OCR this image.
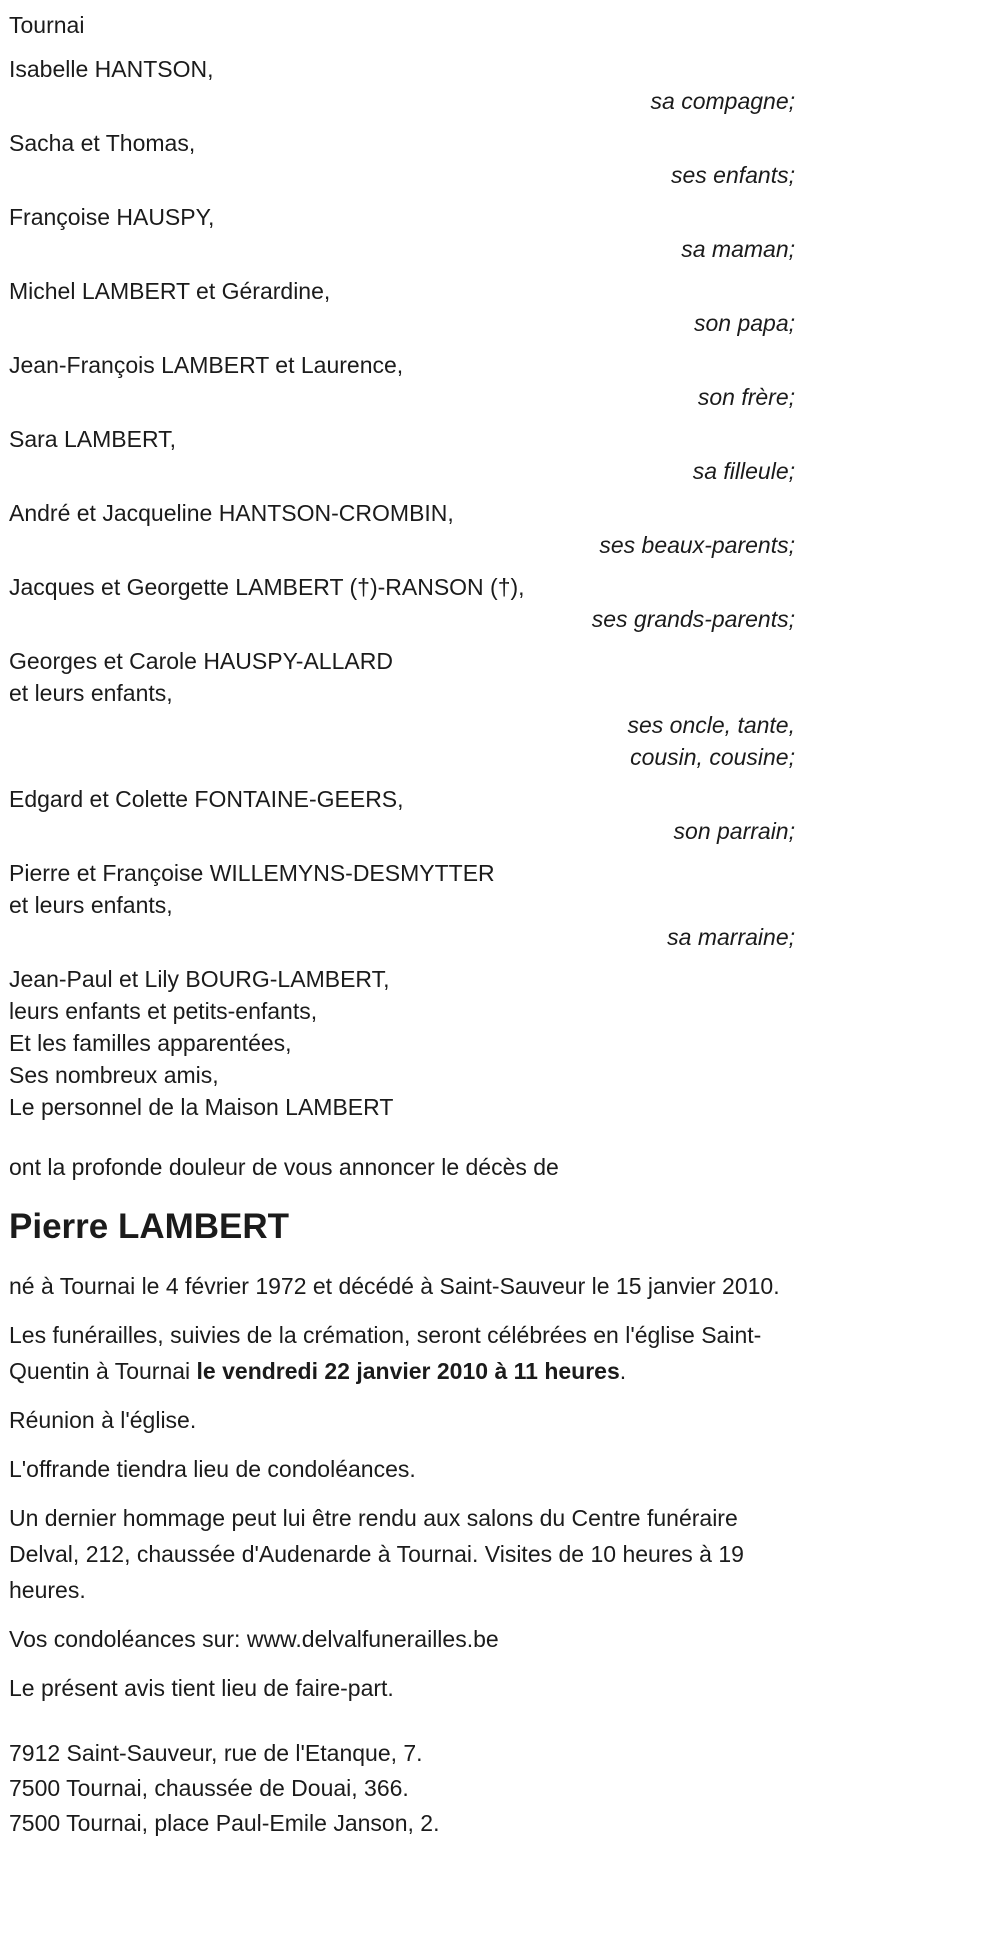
Tournai
Isabelle HANTSON,
sa compagne;
Sacha et Thomas,
ses enfants;
Françoise HAUSPY,
sa maman;
Michel LAMBERT et Gérardine,
son papa;
Jean-François LAMBERT et Laurence,
son frère;
Sara LAMBERT,
sa filleule;
André et Jacqueline HANTSON-CROMBIN,
ses beaux-parents;
Jacques et Georgette LAMBERT (†)-RANSON (†),
ses grands-parents;
Georges et Carole HAUSPY-ALLARD
et leurs enfants,
ses oncle, tante,
cousin, cousine;
Edgard et Colette FONTAINE-GEERS,
son parrain;
Pierre et Françoise WILLEMYNS-DESMYTTER
et leurs enfants,
sa marraine;
Jean-Paul et Lily BOURG-LAMBERT,
leurs enfants et petits-enfants,
Et les familles apparentées,
Ses nombreux amis,
Le personnel de la Maison LAMBERT

ont la profonde douleur de vous annoncer le décès de

Pierre LAMBERT

né à Tournai le 4 février 1972 et décédé à Saint-Sauveur le 15 janvier 2010.

Les funérailles, suivies de la crémation, seront célébrées en l'église Saint-Quentin à Tournai le vendredi 22 janvier 2010 à 11 heures.

Réunion à l'église.

L'offrande tiendra lieu de condoléances.

Un dernier hommage peut lui être rendu aux salons du Centre funéraire Delval, 212, chaussée d'Audenarde à Tournai. Visites de 10 heures à 19 heures.

Vos condoléances sur: www.delvalfunerailles.be

Le présent avis tient lieu de faire-part.

7912 Saint-Sauveur, rue de l'Etanque, 7.
7500 Tournai, chaussée de Douai, 366.
7500 Tournai, place Paul-Emile Janson, 2.
